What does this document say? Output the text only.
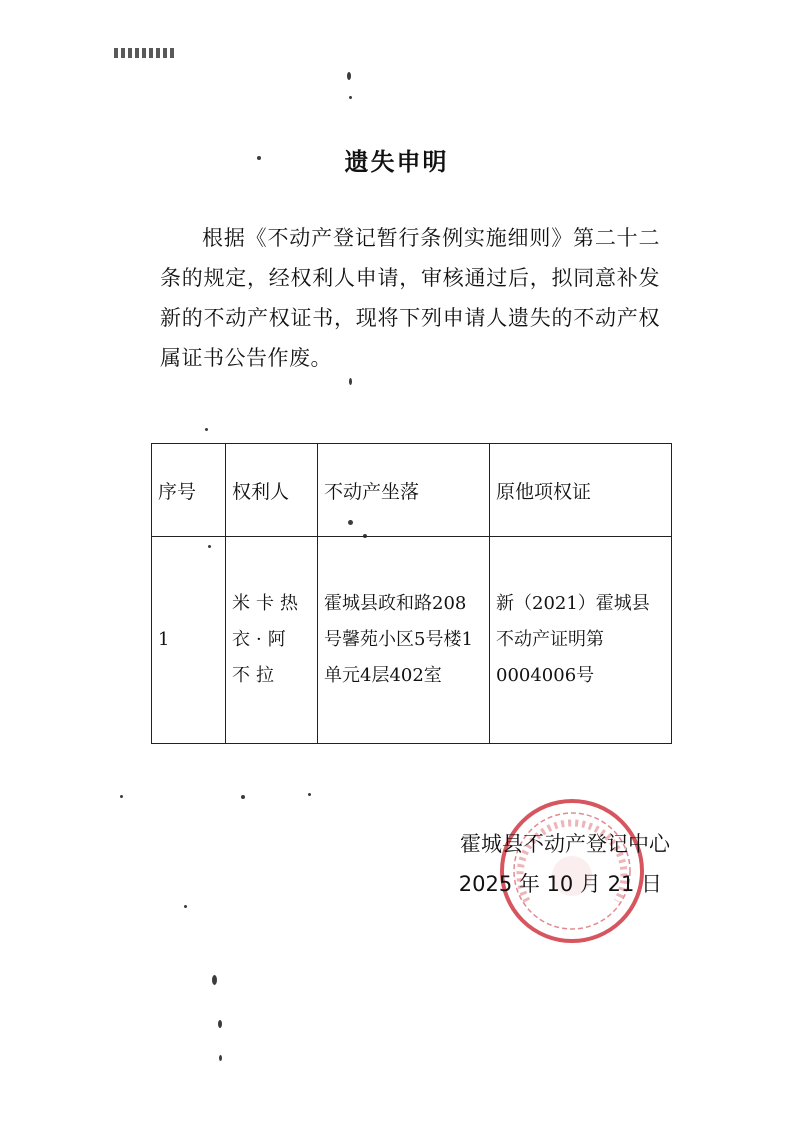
遗失申明

根据《不动产登记暂行条例实施细则》第二十二条的规定，经权利人申请，审核通过后，拟同意补发新的不动产权证书，现将下列申请人遗失的不动产权属证书公告作废。

序号	权利人	不动产坐落	原他项权证
1	米卡热衣·阿不拉	霍城县政和路208号馨苑小区5号楼1单元4层402室	新（2021）霍城县不动产证明第0004006号
霍城县不动产登记中心
2025 年 10 月 21 日
